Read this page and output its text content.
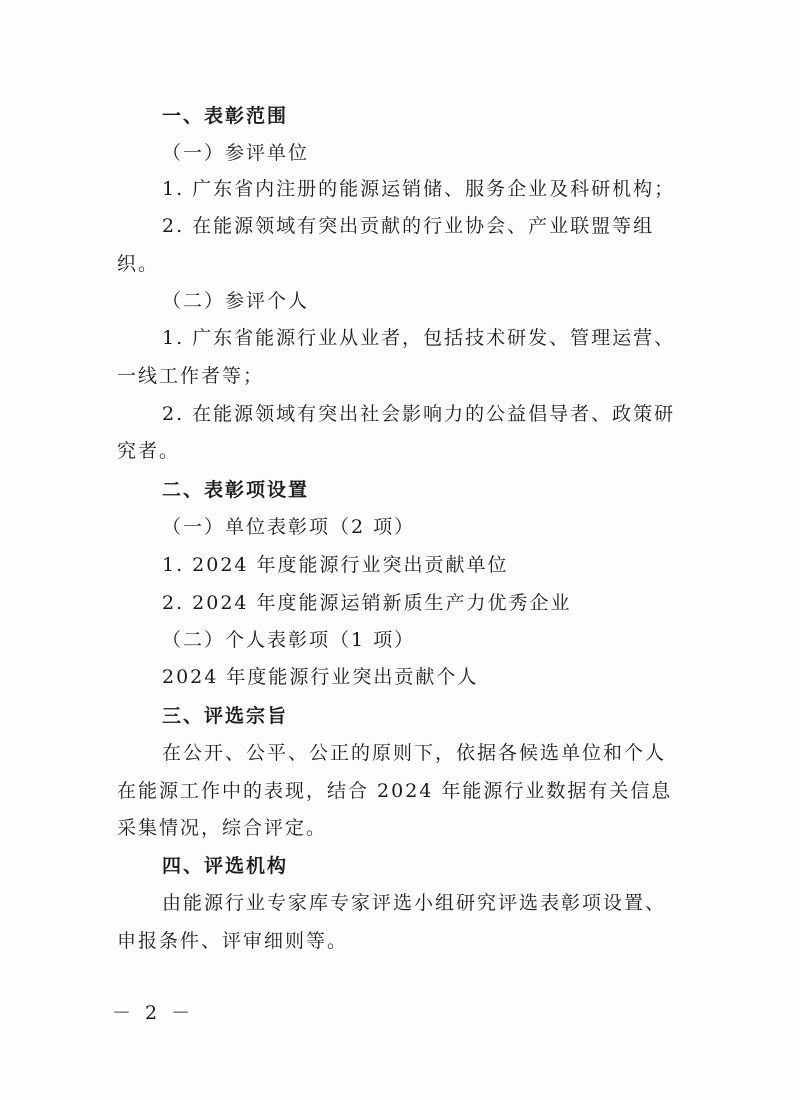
一、表彰范围
（一）参评单位
1. 广东省内注册的能源运销储、服务企业及科研机构；
2. 在能源领域有突出贡献的行业协会、产业联盟等组
织。
（二）参评个人
1. 广东省能源行业从业者，包括技术研发、管理运营、
一线工作者等；
2. 在能源领域有突出社会影响力的公益倡导者、政策研
究者。
二、表彰项设置
（一）单位表彰项（2 项）
1. 2024 年度能源行业突出贡献单位
2. 2024 年度能源运销新质生产力优秀企业
（二）个人表彰项（1 项）
2024 年度能源行业突出贡献个人
三、评选宗旨
在公开、公平、公正的原则下，依据各候选单位和个人
在能源工作中的表现，结合 2024 年能源行业数据有关信息
采集情况，综合评定。
四、评选机构
由能源行业专家库专家评选小组研究评选表彰项设置、
申报条件、评审细则等。
－ 2 －
